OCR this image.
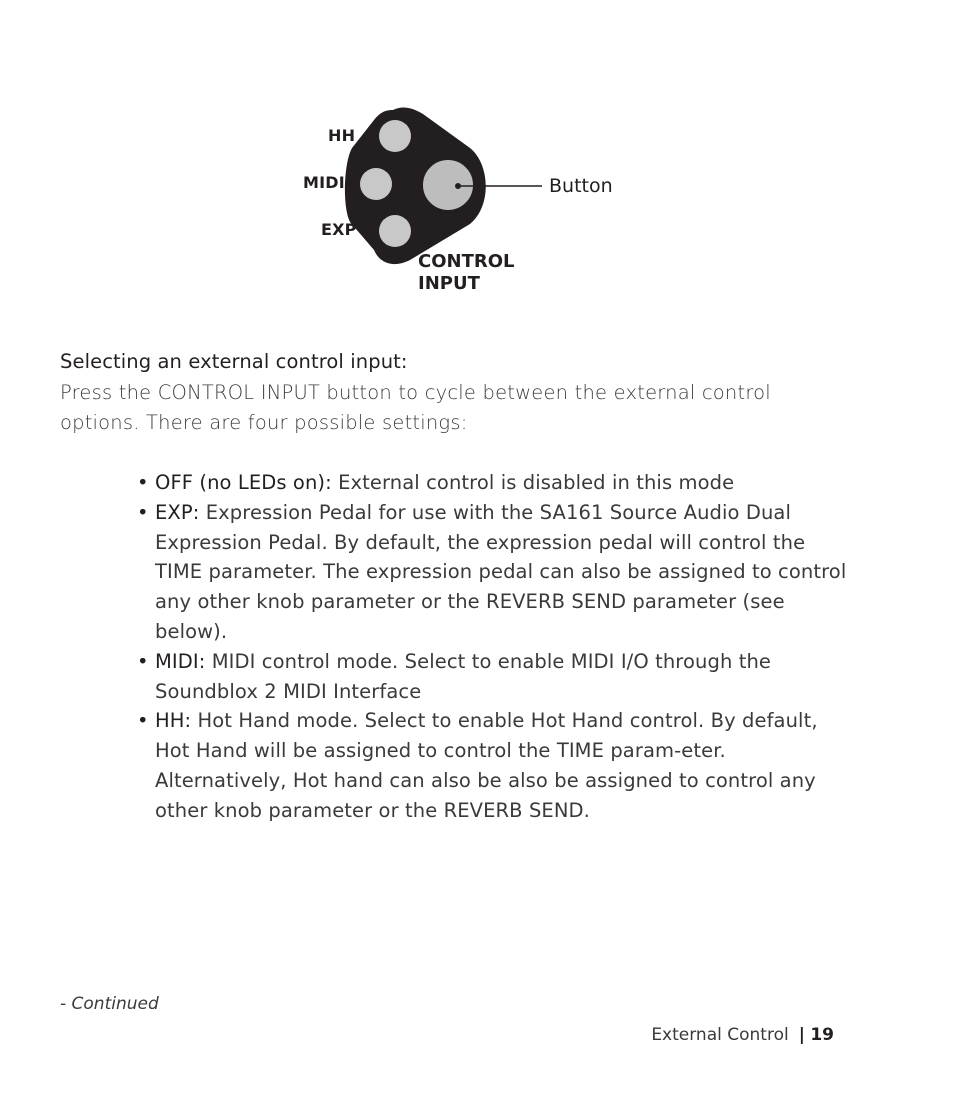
HH
MIDI
EXP
Button
CONTROL
INPUT
Selecting an external control input:

Press the CONTROL INPUT button to cycle between the external control options. There are four possible settings:

• OFF (no LEDs on): External control is disabled in this mode
• EXP: Expression Pedal for use with the SA161 Source Audio Dual Expression Pedal. By default, the expression pedal will control the TIME parameter. The expression pedal can also be assigned to control any other knob parameter or the REVERB SEND parameter (see below).
• MIDI: MIDI control mode. Select to enable MIDI I/O through the Soundblox 2 MIDI Interface
• HH: Hot Hand mode. Select to enable Hot Hand control. By default, Hot Hand will be assigned to control the TIME param-eter. Alternatively, Hot hand can also be also be assigned to control any other knob parameter or the REVERB SEND.
- Continued
External Control | 19
